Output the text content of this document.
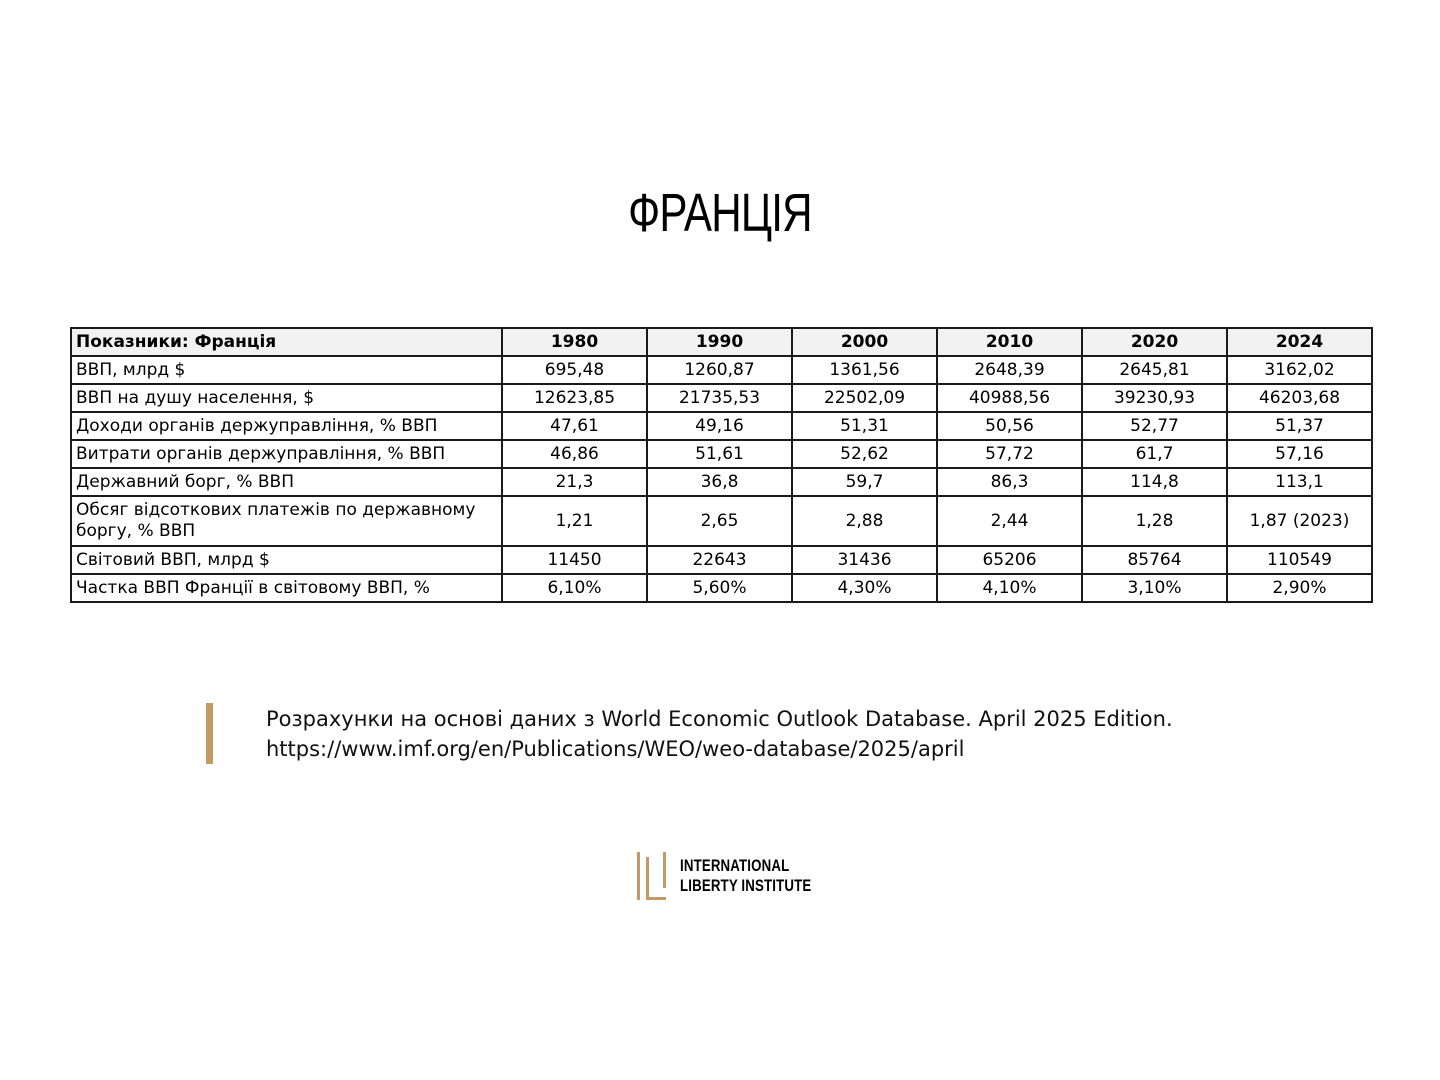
ФРАНЦІЯ
Показники: Франція	1980	1990	2000	2010	2020	2024
ВВП, млрд $	695,48	1260,87	1361,56	2648,39	2645,81	3162,02
ВВП на душу населення, $	12623,85	21735,53	22502,09	40988,56	39230,93	46203,68
Доходи органів держуправління, % ВВП	47,61	49,16	51,31	50,56	52,77	51,37
Витрати органів держуправління, % ВВП	46,86	51,61	52,62	57,72	61,7	57,16
Державний борг, % ВВП	21,3	36,8	59,7	86,3	114,8	113,1
Обсяг відсоткових платежів по державному боргу, % ВВП	1,21	2,65	2,88	2,44	1,28	1,87 (2023)
Світовий ВВП, млрд $	11450	22643	31436	65206	85764	110549
Частка ВВП Франції в світовому ВВП, %	6,10%	5,60%	4,30%	4,10%	3,10%	2,90%
Розрахунки на основі даних з World Economic Outlook Database. April 2025 Edition.
https://www.imf.org/en/Publications/WEO/weo-database/2025/april
INTERNATIONAL
LIBERTY INSTITUTE
